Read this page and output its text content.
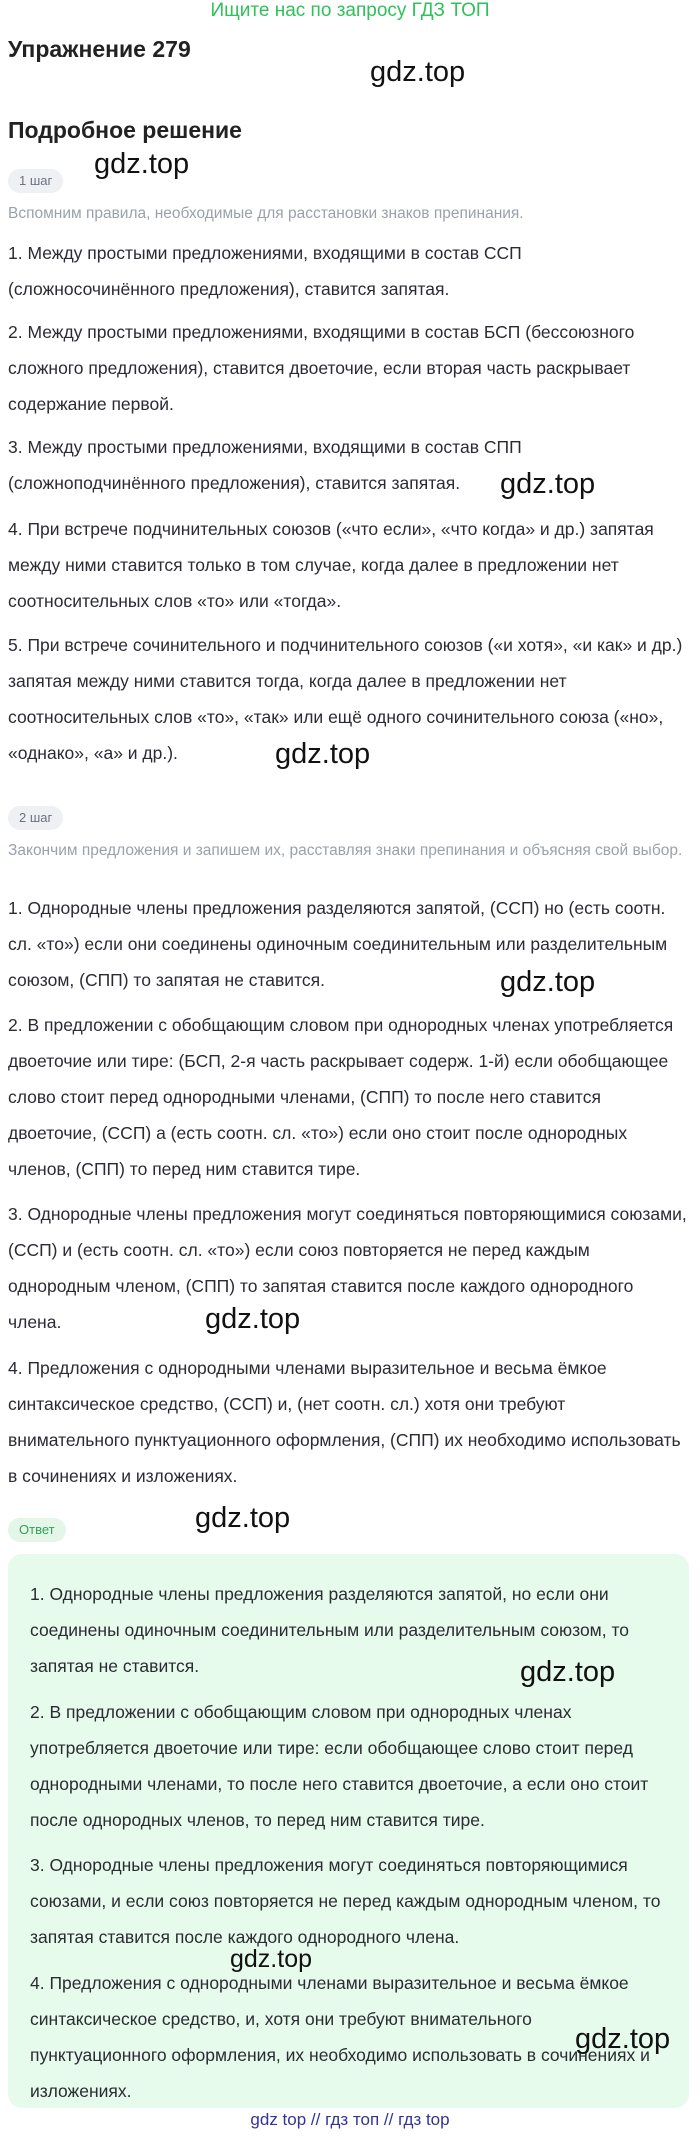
Ищите нас по запросу ГДЗ ТОП
Упражнение 279
gdz.top
Подробное решение
1 шаг
gdz.top
Вспомним правила, необходимые для расстановки знаков препинания.
1. Между простыми предложениями, входящими в состав ССП (сложносочинённого предложения), ставится запятая.
2. Между простыми предложениями, входящими в состав БСП (бессоюзного сложного предложения), ставится двоеточие, если вторая часть раскрывает содержание первой.
3. Между простыми предложениями, входящими в состав СПП (сложноподчинённого предложения), ставится запятая.	gdz.top
4. При встрече подчинительных союзов («что если», «что когда» и др.) запятая между ними ставится только в том случае, когда далее в предложении нет соотносительных слов «то» или «тогда».
5. При встрече сочинительного и подчинительного союзов («и хотя», «и как» и др.) запятая между ними ставится тогда, когда далее в предложении нет соотносительных слов «то», «так» или ещё одного сочинительного союза («но», «однако», «а» и др.).	gdz.top
2 шаг
Закончим предложения и запишем их, расставляя знаки препинания и объясняя свой выбор.
1. Однородные члены предложения разделяются запятой, (ССП) но (есть соотн. сл. «то») если они соединены одиночным соединительным или разделительным союзом, (СПП) то запятая не ставится.	gdz.top
2. В предложении с обобщающим словом при однородных членах употребляется двоеточие или тире: (БСП, 2-я часть раскрывает содерж. 1-й) если обобщающее слово стоит перед однородными членами, (СПП) то после него ставится двоеточие, (ССП) а (есть соотн. сл. «то») если оно стоит после однородных членов, (СПП) то перед ним ставится тире.
3. Однородные члены предложения могут соединяться повторяющимися союзами, (ССП) и (есть соотн. сл. «то») если союз повторяется не перед каждым однородным членом, (СПП) то запятая ставится после каждого однородного члена.	gdz.top
4. Предложения с однородными членами выразительное и весьма ёмкое синтаксическое средство, (ССП) и, (нет соотн. сл.) хотя они требуют внимательного пунктуационного оформления, (СПП) их необходимо использовать в сочинениях и изложениях.
Ответ	gdz.top
1. Однородные члены предложения разделяются запятой, но если они соединены одиночным соединительным или разделительным союзом, то запятая не ставится.	gdz.top
2. В предложении с обобщающим словом при однородных членах употребляется двоеточие или тире: если обобщающее слово стоит перед однородными членами, то после него ставится двоеточие, а если оно стоит после однородных членов, то перед ним ставится тире.
3. Однородные члены предложения могут соединяться повторяющимися союзами, и если союз повторяется не перед каждым однородным членом, то запятая ставится после каждого однородного члена.
gdz.top
4. Предложения с однородными членами выразительное и весьма ёмкое синтаксическое средство, и, хотя они требуют внимательного пунктуационного оформления, их необходимо использовать в сочинениях и изложениях.
gdz.top
gdz top // гдз топ // гдз top
